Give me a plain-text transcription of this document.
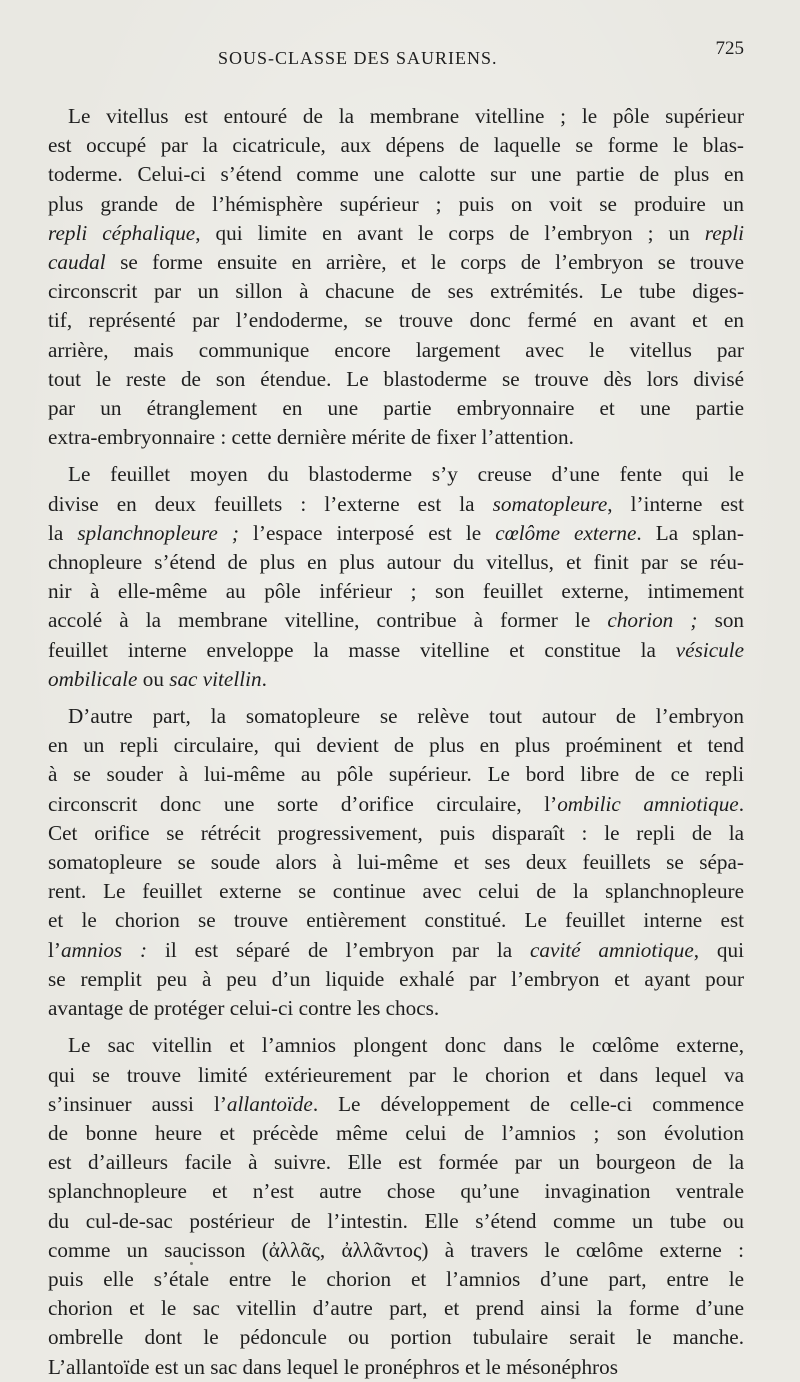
SOUS-CLASSE DES SAURIENS.	725
Le vitellus est entouré de la membrane vitelline ; le pôle supérieur
est occupé par la cicatricule, aux dépens de laquelle se forme le blas-
toderme. Celui-ci s’étend comme une calotte sur une partie de plus en
plus grande de l’hémisphère supérieur ; puis on voit se produire un
repli céphalique, qui limite en avant le corps de l’embryon ; un repli
caudal se forme ensuite en arrière, et le corps de l’embryon se trouve
circonscrit par un sillon à chacune de ses extrémités. Le tube diges-
tif, représenté par l’endoderme, se trouve donc fermé en avant et en
arrière, mais communique encore largement avec le vitellus par
tout le reste de son étendue. Le blastoderme se trouve dès lors divisé
par un étranglement en une partie embryonnaire et une partie
extra-embryonnaire : cette dernière mérite de fixer l’attention.
Le feuillet moyen du blastoderme s’y creuse d’une fente qui le
divise en deux feuillets : l’externe est la somatopleure, l’interne est
la splanchnopleure ; l’espace interposé est le cœlôme externe. La splan-
chnopleure s’étend de plus en plus autour du vitellus, et finit par se réu-
nir à elle-même au pôle inférieur ; son feuillet externe, intimement
accolé à la membrane vitelline, contribue à former le chorion ; son
feuillet interne enveloppe la masse vitelline et constitue la vésicule
ombilicale ou sac vitellin.
D’autre part, la somatopleure se relève tout autour de l’embryon
en un repli circulaire, qui devient de plus en plus proéminent et tend
à se souder à lui-même au pôle supérieur. Le bord libre de ce repli
circonscrit donc une sorte d’orifice circulaire, l’ombilic amniotique.
Cet orifice se rétrécit progressivement, puis disparaît : le repli de la
somatopleure se soude alors à lui-même et ses deux feuillets se sépa-
rent. Le feuillet externe se continue avec celui de la splanchnopleure
et le chorion se trouve entièrement constitué. Le feuillet interne est
l’amnios : il est séparé de l’embryon par la cavité amniotique, qui
se remplit peu à peu d’un liquide exhalé par l’embryon et ayant pour
avantage de protéger celui-ci contre les chocs.
Le sac vitellin et l’amnios plongent donc dans le cœlôme externe,
qui se trouve limité extérieurement par le chorion et dans lequel va
s’insinuer aussi l’allantoïde. Le développement de celle-ci commence
de bonne heure et précède même celui de l’amnios ; son évolution
est d’ailleurs facile à suivre. Elle est formée par un bourgeon de la
splanchnopleure et n’est autre chose qu’une invagination ventrale
du cul-de-sac postérieur de l’intestin. Elle s’étend comme un tube ou
comme un saucisson (ἀλλᾶς, ἀλλᾶντος) à travers le cœlôme externe :
puis elle s’étale entre le chorion et l’amnios d’une part, entre le
chorion et le sac vitellin d’autre part, et prend ainsi la forme d’une
ombrelle dont le pédoncule ou portion tubulaire serait le manche.
L’allantoïde est un sac dans lequel le pronéphros et le mésonéphros
